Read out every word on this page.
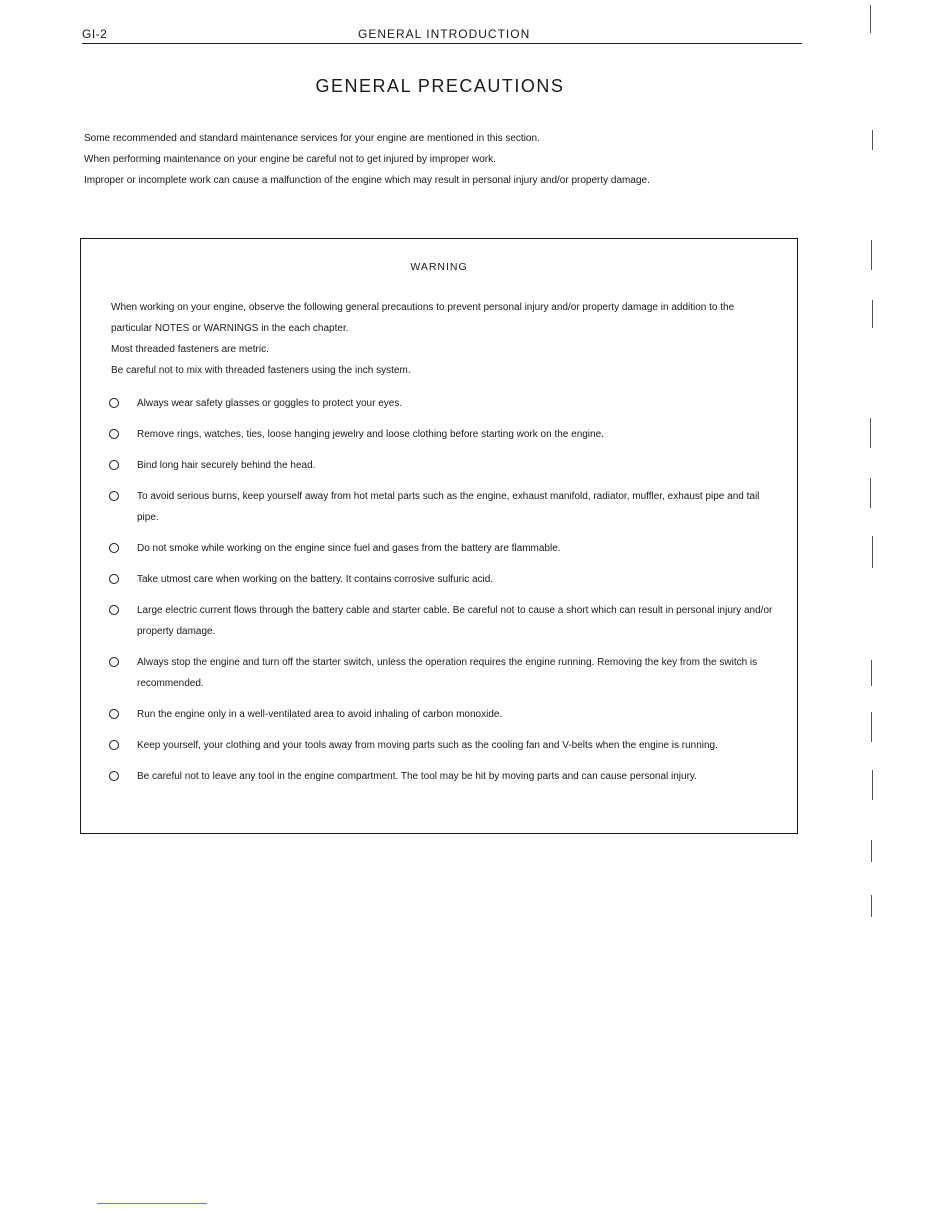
GI-2	GENERAL INTRODUCTION
GENERAL PRECAUTIONS

Some recommended and standard maintenance services for your engine are mentioned in this section.

When performing maintenance on your engine be careful not to get injured by improper work.

Improper or incomplete work can cause a malfunction of the engine which may result in personal injury and/or property damage.

WARNING

When working on your engine, observe the following general precautions to prevent personal injury and/or property damage in addition to the particular NOTES or WARNINGS in the each chapter.

Most threaded fasteners are metric.

Be careful not to mix with threaded fasteners using the inch system.

Always wear safety glasses or goggles to protect your eyes.
Remove rings, watches, ties, loose hanging jewelry and loose clothing before starting work on the engine.
Bind long hair securely behind the head.
To avoid serious burns, keep yourself away from hot metal parts such as the engine, exhaust manifold, radiator, muffler, exhaust pipe and tail pipe.
Do not smoke while working on the engine since fuel and gases from the battery are flammable.
Take utmost care when working on the battery. It contains corrosive sulfuric acid.
Large electric current flows through the battery cable and starter cable. Be careful not to cause a short which can result in personal injury and/or property damage.
Always stop the engine and turn off the starter switch, unless the operation requires the engine running. Removing the key from the switch is recommended.
Run the engine only in a well-ventilated area to avoid inhaling of carbon monoxide.
Keep yourself, your clothing and your tools away from moving parts such as the cooling fan and V-belts when the engine is running.
Be careful not to leave any tool in the engine compartment. The tool may be hit by moving parts and can cause personal injury.
